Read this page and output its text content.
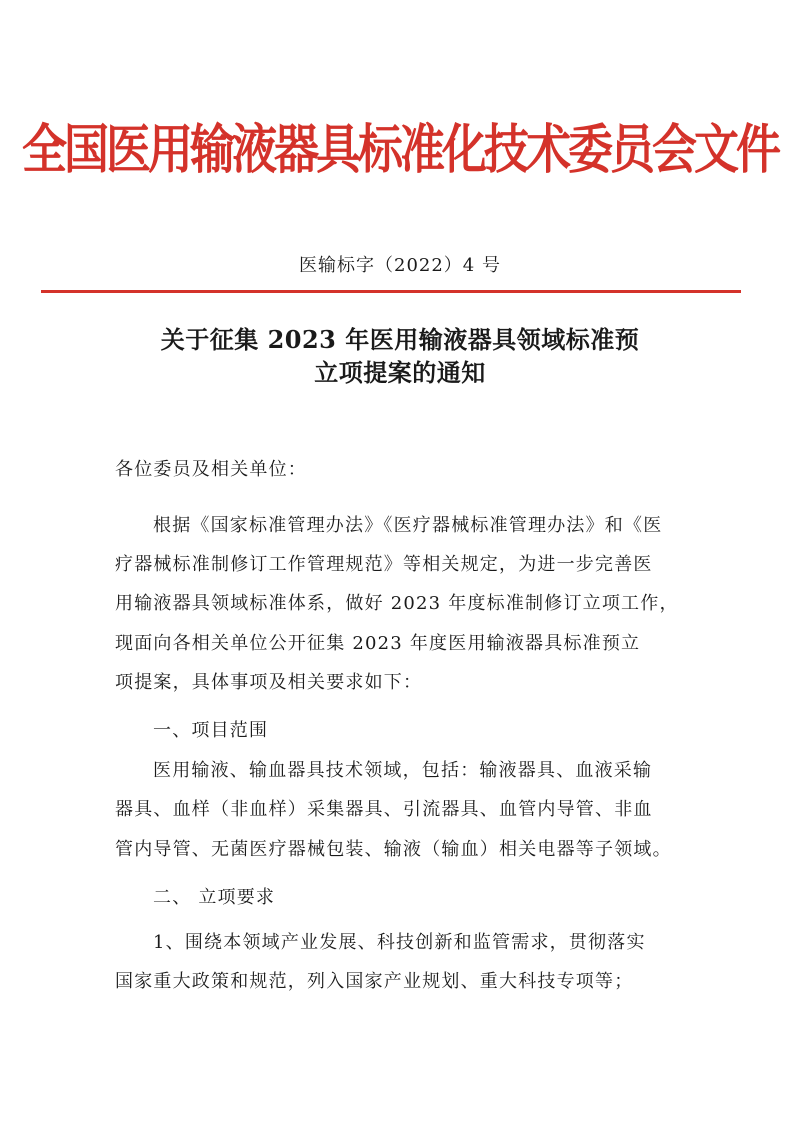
全国医用输液器具标准化技术委员会文件
医输标字（2022）4 号
关于征集 2023 年医用输液器具领域标准预
立项提案的通知
各位委员及相关单位：
根据《国家标准管理办法》《医疗器械标准管理办法》和《医
疗器械标准制修订工作管理规范》等相关规定，为进一步完善医
用输液器具领域标准体系，做好 2023 年度标准制修订立项工作，
现面向各相关单位公开征集 2023 年度医用输液器具标准预立
项提案，具体事项及相关要求如下：
一、项目范围
医用输液、输血器具技术领域，包括：输液器具、血液采输
器具、血样（非血样）采集器具、引流器具、血管内导管、非血
管内导管、无菌医疗器械包装、输液（输血）相关电器等子领域。
二、 立项要求
1、围绕本领域产业发展、科技创新和监管需求，贯彻落实
国家重大政策和规范，列入国家产业规划、重大科技专项等；
